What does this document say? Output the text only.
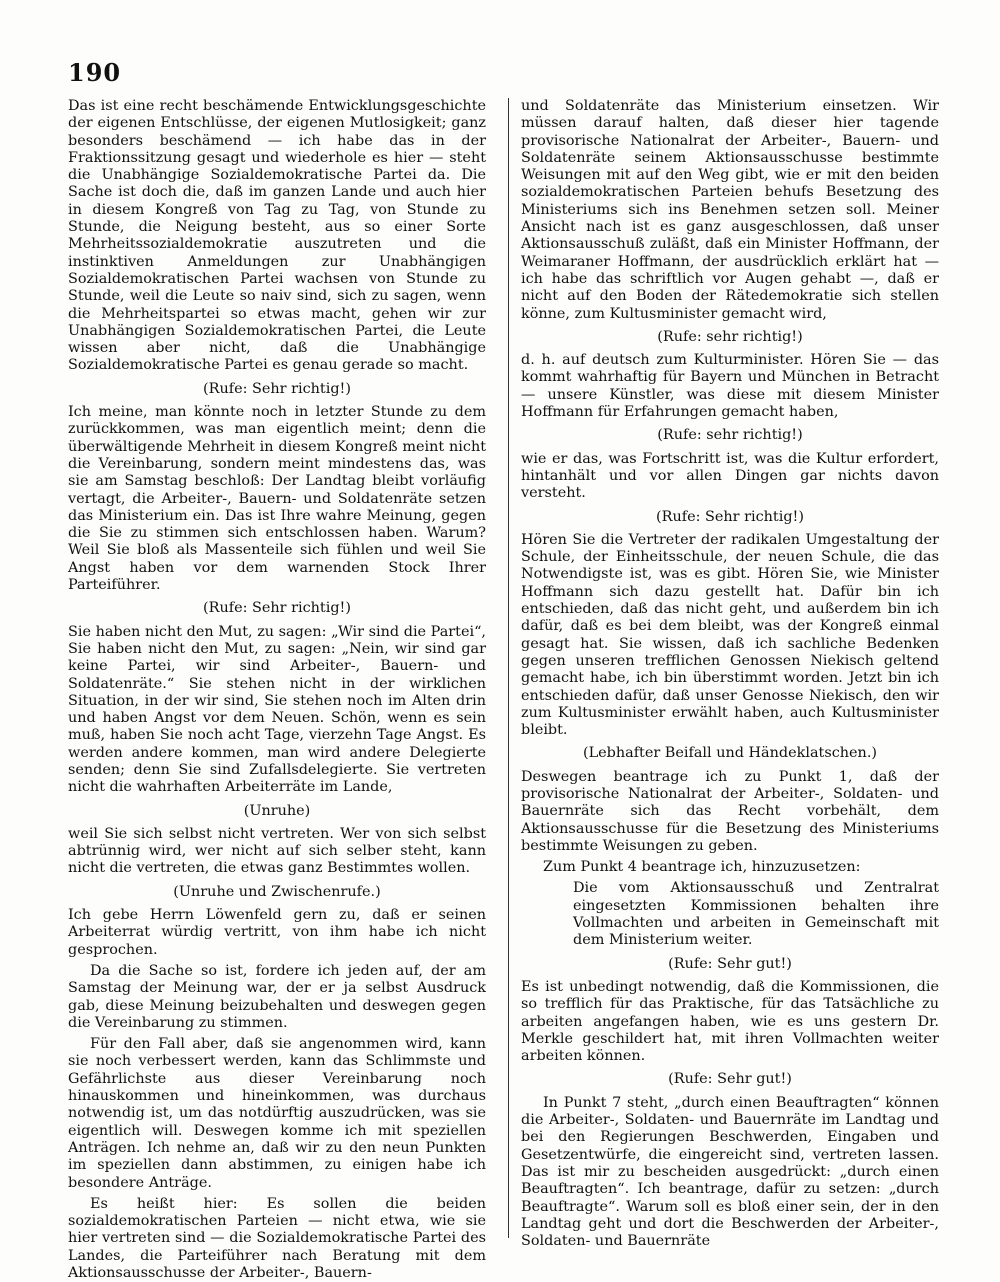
190

Das ist eine recht beschämende Entwicklungsgeschichte der eigenen Entschlüsse, der eigenen Mutlosigkeit; ganz besonders beschämend — ich habe das in der Fraktionssitzung gesagt und wiederhole es hier — steht die Unabhängige Sozialdemokratische Partei da. Die Sache ist doch die, daß im ganzen Lande und auch hier in diesem Kongreß von Tag zu Tag, von Stunde zu Stunde, die Neigung besteht, aus so einer Sorte Mehrheitssozialdemokratie auszutreten und die instinktiven Anmeldungen zur Unabhängigen Sozialdemokratischen Partei wachsen von Stunde zu Stunde, weil die Leute so naiv sind, sich zu sagen, wenn die Mehrheitspartei so etwas macht, gehen wir zur Unabhängigen Sozialdemokratischen Partei, die Leute wissen aber nicht, daß die Unabhängige Sozialdemokratische Partei es genau gerade so macht.

(Rufe: Sehr richtig!)

Ich meine, man könnte noch in letzter Stunde zu dem zurückkommen, was man eigentlich meint; denn die überwältigende Mehrheit in diesem Kongreß meint nicht die Vereinbarung, sondern meint mindestens das, was sie am Samstag beschloß: Der Landtag bleibt vorläufig vertagt, die Arbeiter-, Bauern- und Soldatenräte setzen das Ministerium ein. Das ist Ihre wahre Meinung, gegen die Sie zu stimmen sich entschlossen haben. Warum? Weil Sie bloß als Massenteile sich fühlen und weil Sie Angst haben vor dem warnenden Stock Ihrer Parteiführer.

(Rufe: Sehr richtig!)

Sie haben nicht den Mut, zu sagen: „Wir sind die Partei“, Sie haben nicht den Mut, zu sagen: „Nein, wir sind gar keine Partei, wir sind Arbeiter-, Bauern- und Soldatenräte.“ Sie stehen nicht in der wirklichen Situation, in der wir sind, Sie stehen noch im Alten drin und haben Angst vor dem Neuen. Schön, wenn es sein muß, haben Sie noch acht Tage, vierzehn Tage Angst. Es werden andere kommen, man wird andere Delegierte senden; denn Sie sind Zufallsdelegierte. Sie vertreten nicht die wahrhaften Arbeiterräte im Lande,

(Unruhe)

weil Sie sich selbst nicht vertreten. Wer von sich selbst abtrünnig wird, wer nicht auf sich selber steht, kann nicht die vertreten, die etwas ganz Bestimmtes wollen.

(Unruhe und Zwischenrufe.)

Ich gebe Herrn Löwenfeld gern zu, daß er seinen Arbeiterrat würdig vertritt, von ihm habe ich nicht gesprochen.

Da die Sache so ist, fordere ich jeden auf, der am Samstag der Meinung war, der er ja selbst Ausdruck gab, diese Meinung beizubehalten und deswegen gegen die Vereinbarung zu stimmen.

Für den Fall aber, daß sie angenommen wird, kann sie noch verbessert werden, kann das Schlimmste und Gefährlichste aus dieser Vereinbarung noch hinauskommen und hineinkommen, was durchaus notwendig ist, um das notdürftig auszudrücken, was sie eigentlich will. Deswegen komme ich mit speziellen Anträgen. Ich nehme an, daß wir zu den neun Punkten im speziellen dann abstimmen, zu einigen habe ich besondere Anträge.

Es heißt hier: Es sollen die beiden sozialdemokratischen Parteien — nicht etwa, wie sie hier vertreten sind — die Sozialdemokratische Partei des Landes, die Parteiführer nach Beratung mit dem Aktionsausschusse der Arbeiter-, Bauern-

und Soldatenräte das Ministerium einsetzen. Wir müssen darauf halten, daß dieser hier tagende provisorische Nationalrat der Arbeiter-, Bauern- und Soldatenräte seinem Aktionsausschusse bestimmte Weisungen mit auf den Weg gibt, wie er mit den beiden sozialdemokratischen Parteien behufs Besetzung des Ministeriums sich ins Benehmen setzen soll. Meiner Ansicht nach ist es ganz ausgeschlossen, daß unser Aktionsausschuß zuläßt, daß ein Minister Hoffmann, der Weimaraner Hoffmann, der ausdrücklich erklärt hat — ich habe das schriftlich vor Augen gehabt —, daß er nicht auf den Boden der Rätedemokratie sich stellen könne, zum Kultusminister gemacht wird,

(Rufe: sehr richtig!)

d. h. auf deutsch zum Kulturminister. Hören Sie — das kommt wahrhaftig für Bayern und München in Betracht — unsere Künstler, was diese mit diesem Minister Hoffmann für Erfahrungen gemacht haben,

(Rufe: sehr richtig!)

wie er das, was Fortschritt ist, was die Kultur erfordert, hintanhält und vor allen Dingen gar nichts davon versteht.

(Rufe: Sehr richtig!)

Hören Sie die Vertreter der radikalen Umgestaltung der Schule, der Einheitsschule, der neuen Schule, die das Notwendigste ist, was es gibt. Hören Sie, wie Minister Hoffmann sich dazu gestellt hat. Dafür bin ich entschieden, daß das nicht geht, und außerdem bin ich dafür, daß es bei dem bleibt, was der Kongreß einmal gesagt hat. Sie wissen, daß ich sachliche Bedenken gegen unseren trefflichen Genossen Niekisch geltend gemacht habe, ich bin überstimmt worden. Jetzt bin ich entschieden dafür, daß unser Genosse Niekisch, den wir zum Kultusminister erwählt haben, auch Kultusminister bleibt.

(Lebhafter Beifall und Händeklatschen.)

Deswegen beantrage ich zu Punkt 1, daß der provisorische Nationalrat der Arbeiter-, Soldaten- und Bauernräte sich das Recht vorbehält, dem Aktionsausschusse für die Besetzung des Ministeriums bestimmte Weisungen zu geben.

Zum Punkt 4 beantrage ich, hinzuzusetzen:

Die vom Aktionsausschuß und Zentralrat eingesetzten Kommissionen behalten ihre Vollmachten und arbeiten in Gemeinschaft mit dem Ministerium weiter.

(Rufe: Sehr gut!)

Es ist unbedingt notwendig, daß die Kommissionen, die so trefflich für das Praktische, für das Tatsächliche zu arbeiten angefangen haben, wie es uns gestern Dr. Merkle geschildert hat, mit ihren Vollmachten weiter arbeiten können.

(Rufe: Sehr gut!)

In Punkt 7 steht, „durch einen Beauftragten“ können die Arbeiter-, Soldaten- und Bauernräte im Landtag und bei den Regierungen Beschwerden, Eingaben und Gesetzentwürfe, die eingereicht sind, vertreten lassen. Das ist mir zu bescheiden ausgedrückt: „durch einen Beauftragten“. Ich beantrage, dafür zu setzen: „durch Beauftragte“. Warum soll es bloß einer sein, der in den Landtag geht und dort die Beschwerden der Arbeiter-, Soldaten- und Bauernräte
